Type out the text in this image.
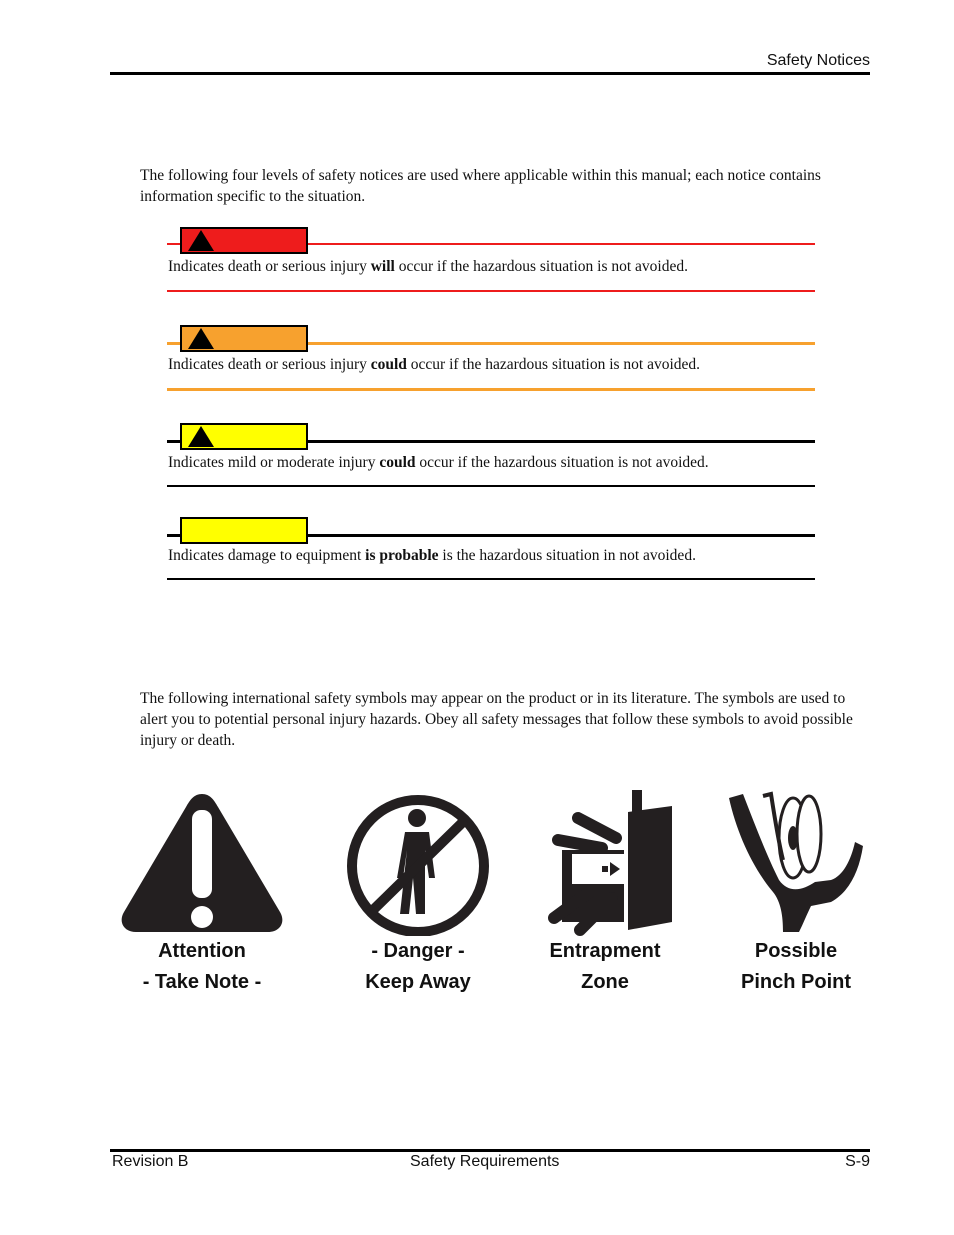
Safety Notices
The following four levels of safety notices are used where applicable within this manual; each notice contains information specific to the situation.
Indicates death or serious injury will occur if the hazardous situation is not avoided.
Indicates death or serious injury could occur if the hazardous situation is not avoided.
Indicates mild or moderate injury could occur if the hazardous situation is not avoided.
Indicates damage to equipment is probable is the hazardous situation in not avoided.
The following international safety symbols may appear on the product or in its literature. The symbols are used to alert you to potential personal injury hazards. Obey all safety messages that follow these symbols to avoid possible injury or death.
Attention
- Take Note -
- Danger -
Keep Away
Entrapment
Zone
Possible
Pinch Point
Revision B	Safety Requirements	S-9
